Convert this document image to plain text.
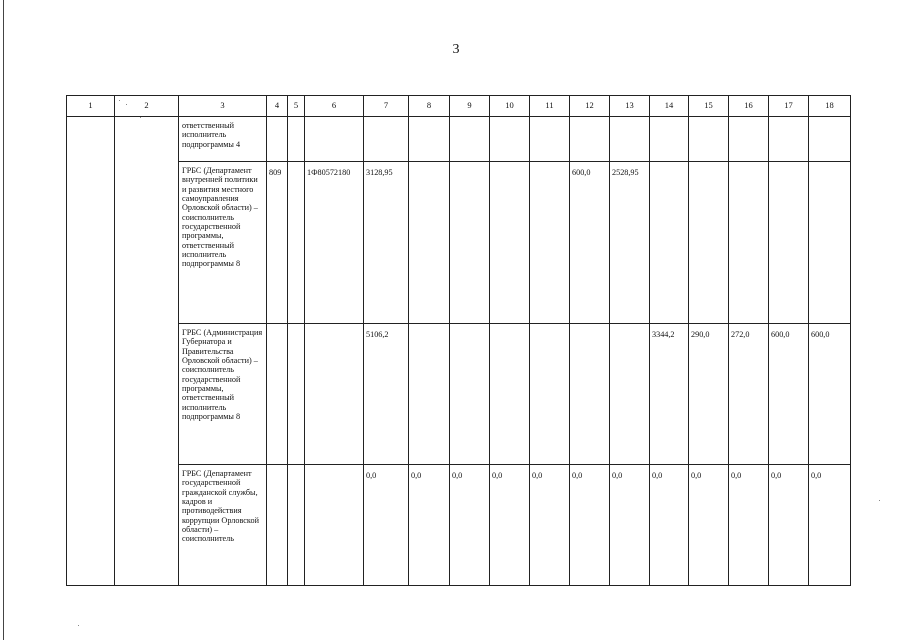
3
1	2	3	4	5	6	7	8	9	10	11	12	13	14	15	16	17	18

		ответственный исполнитель подпрограммы 4															

		ГРБС (Департамент внутренней политики и развития местного самоуправления Орловской области) – соисполнитель государственной программы, ответственный исполнитель подпрограммы 8	809		1Ф80572180	3128,95					600,0	2528,95					

		ГРБС (Администрация Губернатора и Правительства Орловской области) – соисполнитель государственной программы, ответственный исполнитель подпрограммы 8				5106,2							3344,2	290,0	272,0	600,0	600,0

		ГРБС (Департамент государственной гражданской службы, кадров и противодействия коррупции Орловской области) – соисполнитель				0,0	0,0	0,0	0,0	0,0	0,0	0,0	0,0	0,0	0,0	0,0	0,0
